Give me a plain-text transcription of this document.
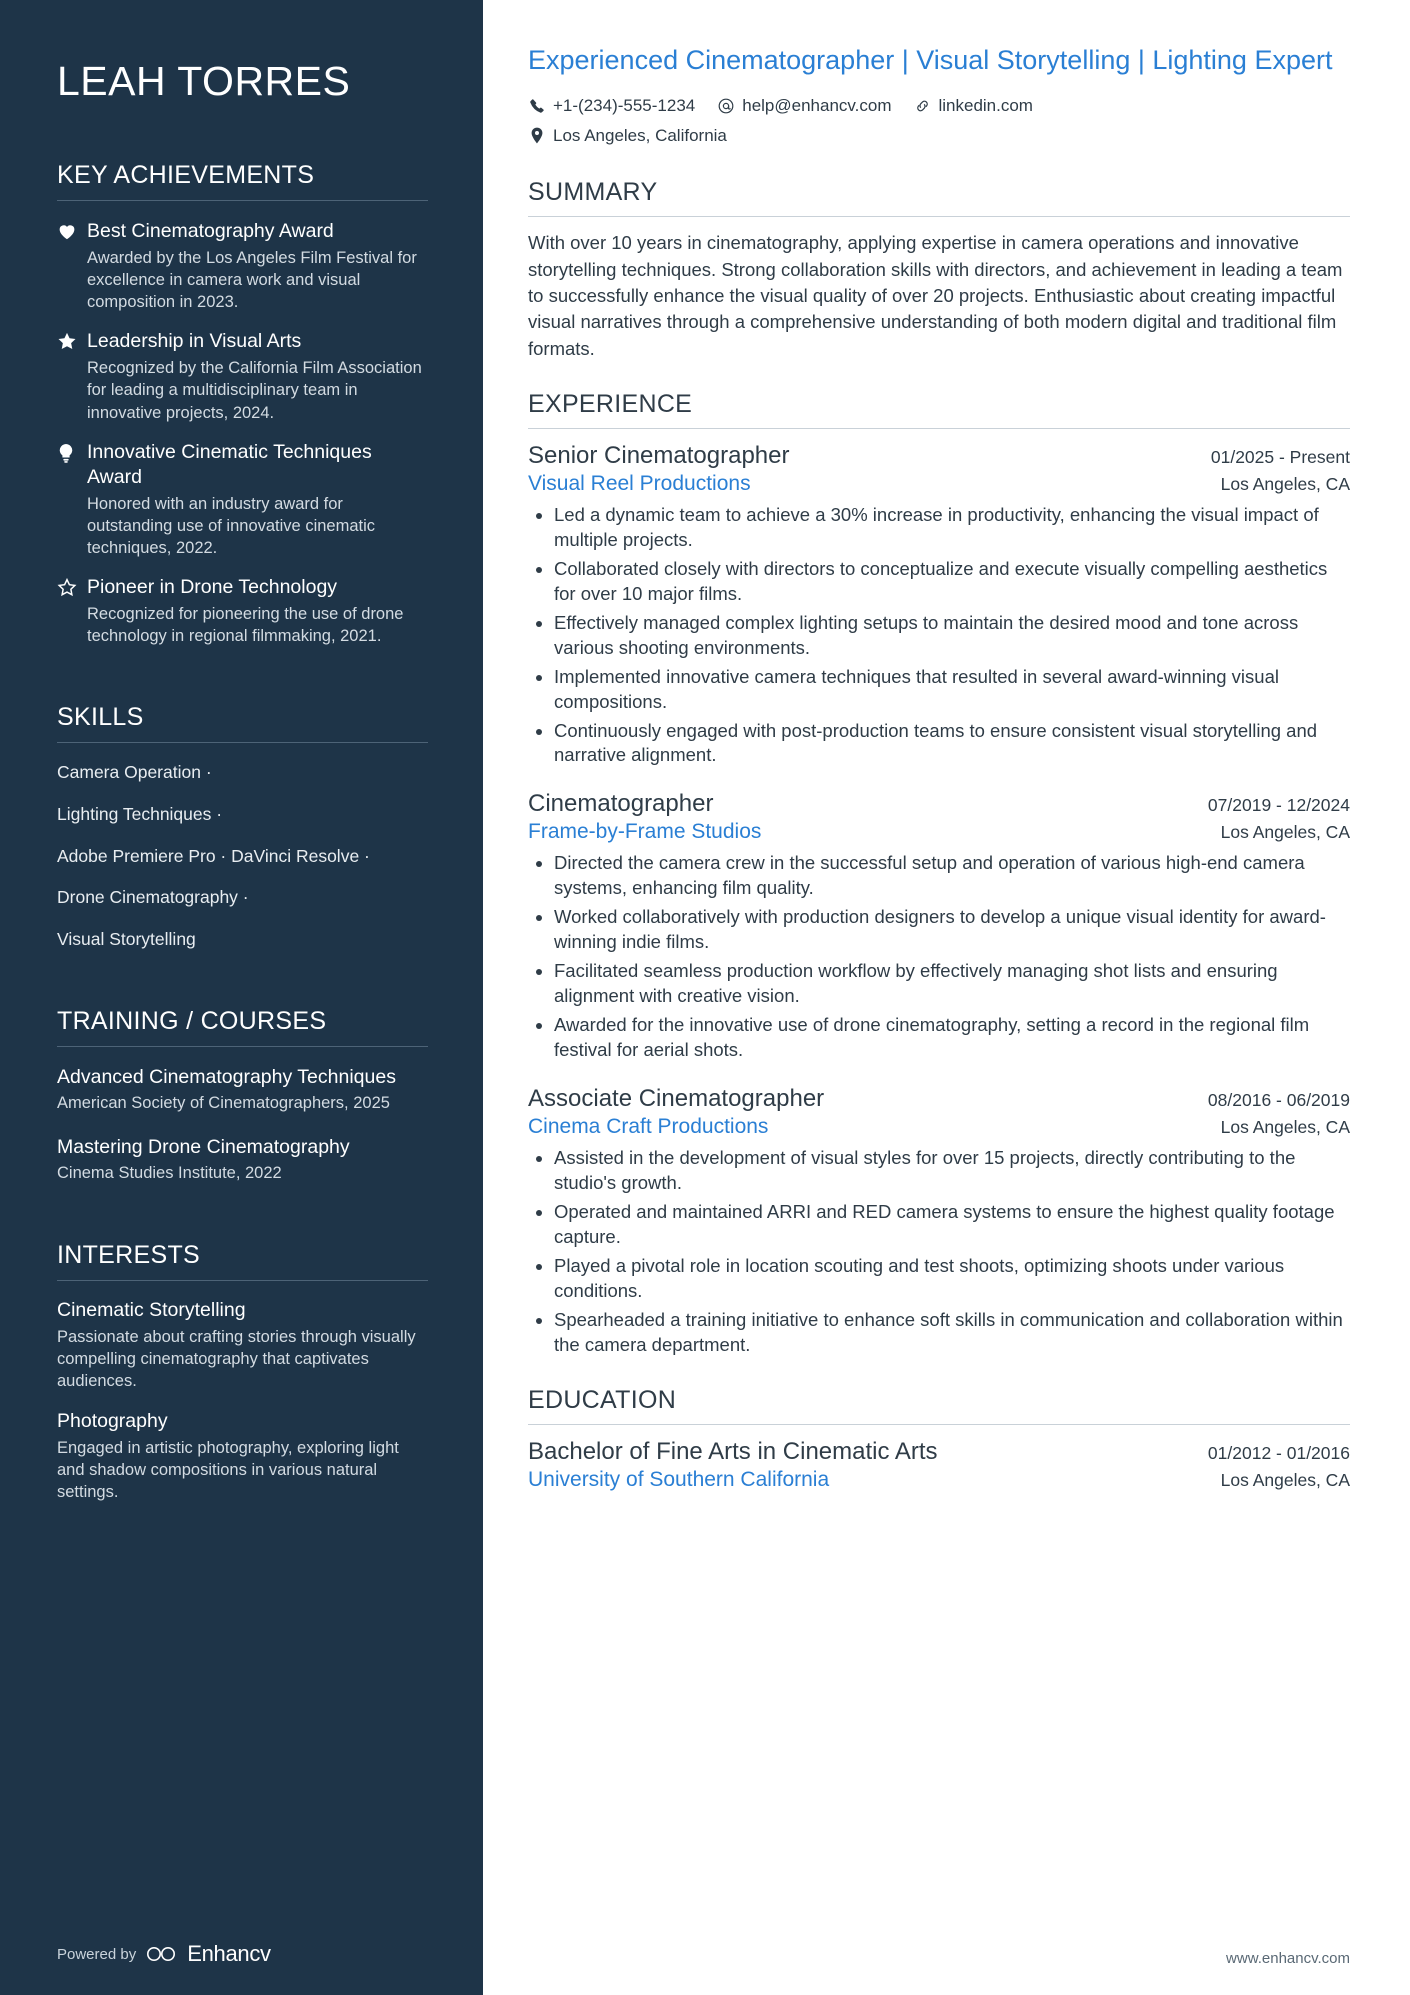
LEAH TORRES
KEY ACHIEVEMENTS
Best Cinematography Award
Awarded by the Los Angeles Film Festival for excellence in camera work and visual composition in 2023.
Leadership in Visual Arts
Recognized by the California Film Association for leading a multidisciplinary team in innovative projects, 2024.
Innovative Cinematic Techniques Award
Honored with an industry award for outstanding use of innovative cinematic techniques, 2022.
Pioneer in Drone Technology
Recognized for pioneering the use of drone technology in regional filmmaking, 2021.
SKILLS
Camera Operation ·
Lighting Techniques ·
Adobe Premiere Pro · DaVinci Resolve ·
Drone Cinematography ·
Visual Storytelling
TRAINING / COURSES
Advanced Cinematography Techniques
American Society of Cinematographers, 2025
Mastering Drone Cinematography
Cinema Studies Institute, 2022
INTERESTS
Cinematic Storytelling
Passionate about crafting stories through visually compelling cinematography that captivates audiences.
Photography
Engaged in artistic photography, exploring light and shadow compositions in various natural settings.
Powered by Enhancv
Experienced Cinematographer | Visual Storytelling | Lighting Expert
+1-(234)-555-1234	help@enhancv.com	linkedin.com
Los Angeles, California
SUMMARY

With over 10 years in cinematography, applying expertise in camera operations and innovative storytelling techniques. Strong collaboration skills with directors, and achievement in leading a team to successfully enhance the visual quality of over 20 projects. Enthusiastic about creating impactful visual narratives through a comprehensive understanding of both modern digital and traditional film formats.

EXPERIENCE
Senior Cinematographer	01/2025 - Present
Visual Reel Productions	Los Angeles, CA
Led a dynamic team to achieve a 30% increase in productivity, enhancing the visual impact of multiple projects.
Collaborated closely with directors to conceptualize and execute visually compelling aesthetics for over 10 major films.
Effectively managed complex lighting setups to maintain the desired mood and tone across various shooting environments.
Implemented innovative camera techniques that resulted in several award-winning visual compositions.
Continuously engaged with post-production teams to ensure consistent visual storytelling and narrative alignment.
Cinematographer	07/2019 - 12/2024
Frame-by-Frame Studios	Los Angeles, CA
Directed the camera crew in the successful setup and operation of various high-end camera systems, enhancing film quality.
Worked collaboratively with production designers to develop a unique visual identity for award-winning indie films.
Facilitated seamless production workflow by effectively managing shot lists and ensuring alignment with creative vision.
Awarded for the innovative use of drone cinematography, setting a record in the regional film festival for aerial shots.
Associate Cinematographer	08/2016 - 06/2019
Cinema Craft Productions	Los Angeles, CA
Assisted in the development of visual styles for over 15 projects, directly contributing to the studio's growth.
Operated and maintained ARRI and RED camera systems to ensure the highest quality footage capture.
Played a pivotal role in location scouting and test shoots, optimizing shoots under various conditions.
Spearheaded a training initiative to enhance soft skills in communication and collaboration within the camera department.
EDUCATION
Bachelor of Fine Arts in Cinematic Arts	01/2012 - 01/2016
University of Southern California	Los Angeles, CA
www.enhancv.com
